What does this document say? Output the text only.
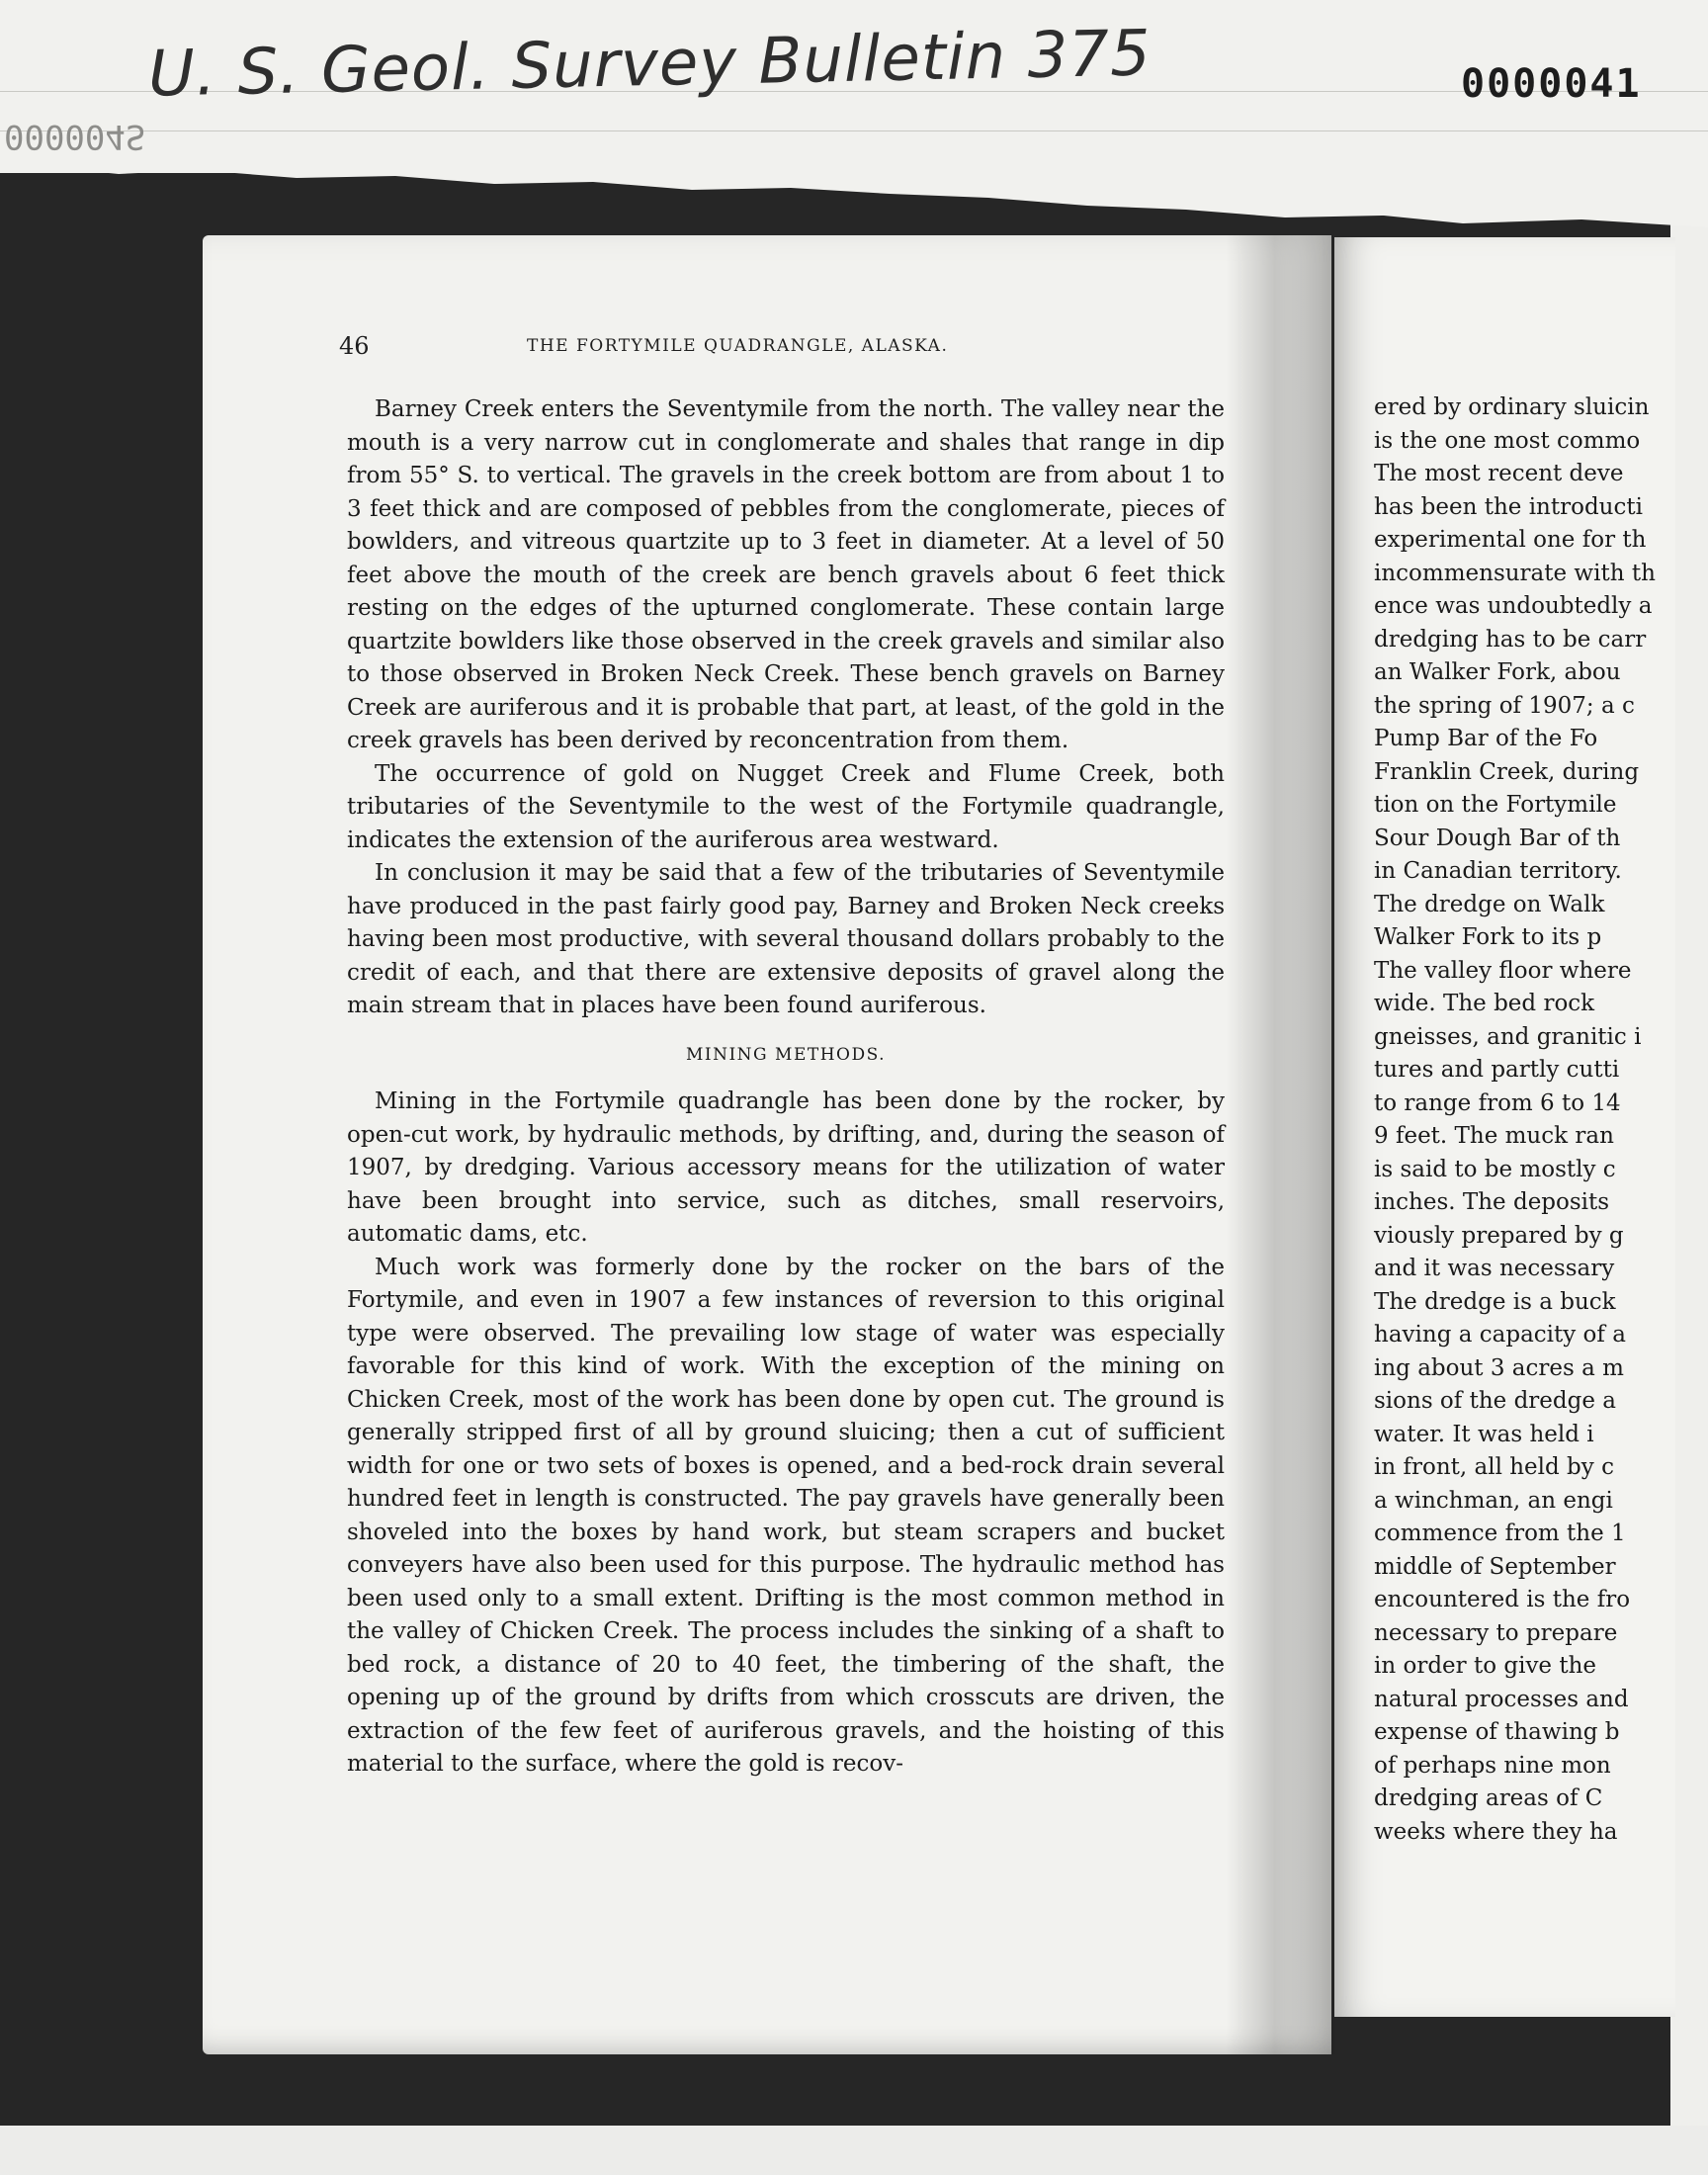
U. S. Geol. Survey Bulletin 375	0000041
000004S
46	THE FORTYMILE QUADRANGLE, ALASKA.

Barney Creek enters the Seventymile from the north. The valley near the mouth is a very narrow cut in conglomerate and shales that range in dip from 55° S. to vertical. The gravels in the creek bottom are from about 1 to 3 feet thick and are composed of pebbles from the conglomerate, pieces of bowlders, and vitreous quartzite up to 3 feet in diameter. At a level of 50 feet above the mouth of the creek are bench gravels about 6 feet thick resting on the edges of the upturned conglomerate. These contain large quartzite bowlders like those observed in the creek gravels and similar also to those observed in Broken Neck Creek. These bench gravels on Barney Creek are auriferous and it is probable that part, at least, of the gold in the creek gravels has been derived by reconcentration from them.

The occurrence of gold on Nugget Creek and Flume Creek, both tributaries of the Seventymile to the west of the Fortymile quadrangle, indicates the extension of the auriferous area westward.

In conclusion it may be said that a few of the tributaries of Seventymile have produced in the past fairly good pay, Barney and Broken Neck creeks having been most productive, with several thousand dollars probably to the credit of each, and that there are extensive deposits of gravel along the main stream that in places have been found auriferous.

MINING METHODS.

Mining in the Fortymile quadrangle has been done by the rocker, by open-cut work, by hydraulic methods, by drifting, and, during the season of 1907, by dredging. Various accessory means for the utilization of water have been brought into service, such as ditches, small reservoirs, automatic dams, etc.

Much work was formerly done by the rocker on the bars of the Fortymile, and even in 1907 a few instances of reversion to this original type were observed. The prevailing low stage of water was especially favorable for this kind of work. With the exception of the mining on Chicken Creek, most of the work has been done by open cut. The ground is generally stripped first of all by ground sluicing; then a cut of sufficient width for one or two sets of boxes is opened, and a bed-rock drain several hundred feet in length is constructed. The pay gravels have generally been shoveled into the boxes by hand work, but steam scrapers and bucket conveyers have also been used for this purpose. The hydraulic method has been used only to a small extent. Drifting is the most common method in the valley of Chicken Creek. The process includes the sinking of a shaft to bed rock, a distance of 20 to 40 feet, the timbering of the shaft, the opening up of the ground by drifts from which crosscuts are driven, the extraction of the few feet of auriferous gravels, and the hoisting of this material to the surface, where the gold is recov-

ered by ordinary sluicin
is the one most commo
The most recent deve
has been the introducti
experimental one for th
incommensurate with th
ence was undoubtedly a
dredging has to be carr
an Walker Fork, abou
the spring of 1907; a c
Pump Bar of the Fo
Franklin Creek, during
tion on the Fortymile
Sour Dough Bar of th
in Canadian territory.
The dredge on Walk
Walker Fork to its p
The valley floor where
wide. The bed rock
gneisses, and granitic i
tures and partly cutti
to range from 6 to 14
9 feet. The muck ran
is said to be mostly c
inches. The deposits
viously prepared by g
and it was necessary
The dredge is a buck
having a capacity of a
ing about 3 acres a m
sions of the dredge a
water. It was held i
in front, all held by c
a winchman, an engi
commence from the 1
middle of September
encountered is the fro
necessary to prepare
in order to give the
natural processes and
expense of thawing b
of perhaps nine mon
dredging areas of C
weeks where they ha
